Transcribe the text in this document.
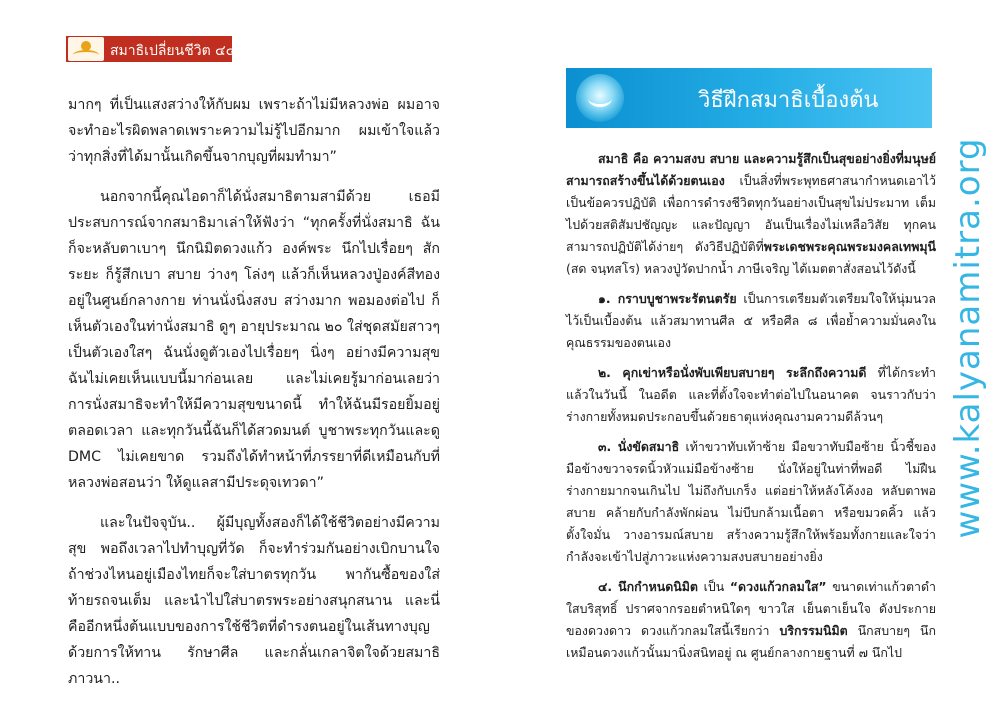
สมาธิเปลี่ยนชีวิต ๔๔

มากๆ ที่เป็นแสงสว่างให้กับผม เพราะถ้าไม่มีหลวงพ่อ ผมอาจจะทำอะไรผิดพลาดเพราะความไม่รู้ไปอีกมาก ผมเข้าใจแล้วว่าทุกสิ่งที่ได้มานั้นเกิดขึ้นจากบุญที่ผมทำมา”

นอกจากนี้คุณไอดาก็ได้นั่งสมาธิตามสามีด้วย เธอมีประสบการณ์จากสมาธิมาเล่าให้ฟังว่า “ทุกครั้งที่นั่งสมาธิ ฉันก็จะหลับตาเบาๆ นึกนิมิตดวงแก้ว องค์พระ นึกไปเรื่อยๆ สักระยะ ก็รู้สึกเบา สบาย ว่างๆ โล่งๆ แล้วก็เห็นหลวงปู่องค์สีทองอยู่ในศูนย์กลางกาย ท่านนั่งนิ่งสงบ สว่างมาก พอมองต่อไป ก็เห็นตัวเองในท่านั่งสมาธิ ดูๆ อายุประมาณ ๒๐ ใส่ชุดสมัยสาวๆ เป็นตัวเองใสๆ ฉันนั่งดูตัวเองไปเรื่อยๆ นิ่งๆ อย่างมีความสุข ฉันไม่เคยเห็นแบบนี้มาก่อนเลย และไม่เคยรู้มาก่อนเลยว่า การนั่งสมาธิจะทำให้มีความสุขขนาดนี้ ทำให้ฉันมีรอยยิ้มอยู่ตลอดเวลา และทุกวันนี้ฉันก็ได้สวดมนต์ บูชาพระทุกวันและดู DMC ไม่เคยขาด รวมถึงได้ทำหน้าที่ภรรยาที่ดีเหมือนกับที่หลวงพ่อสอนว่า ให้ดูแลสามีประดุจเทวดา”

และในปัจจุบัน.. ผู้มีบุญทั้งสองก็ได้ใช้ชีวิตอย่างมีความสุข พอถึงเวลาไปทำบุญที่วัด ก็จะทำร่วมกันอย่างเบิกบานใจ ถ้าช่วงไหนอยู่เมืองไทยก็จะใส่บาตรทุกวัน พากันซื้อของใส่ท้ายรถจนเต็ม และนำไปใส่บาตรพระอย่างสนุกสนาน และนี่คืออีกหนึ่งต้นแบบของการใช้ชีวิตที่ดำรงตนอยู่ในเส้นทางบุญ ด้วยการให้ทาน รักษาศีล และกลั่นเกลาจิตใจด้วยสมาธิภาวนา..

วิธีฝึกสมาธิเบื้องต้น

สมาธิ คือ ความสงบ สบาย และความรู้สึกเป็นสุขอย่างยิ่งที่มนุษย์สามารถสร้างขึ้นได้ด้วยตนเอง เป็นสิ่งที่พระพุทธศาสนากำหนดเอาไว้เป็นข้อควรปฏิบัติ เพื่อการดำรงชีวิตทุกวันอย่างเป็นสุขไม่ประมาท เต็มไปด้วยสติสัมปชัญญะ และปัญญา อันเป็นเรื่องไม่เหลือวิสัย ทุกคนสามารถปฏิบัติได้ง่ายๆ ดังวิธีปฏิบัติที่พระเดชพระคุณพระมงคลเทพมุนี (สด จนฺทสโร) หลวงปู่วัดปากน้ำ ภาษีเจริญ ได้เมตตาสั่งสอนไว้ดังนี้

๑. กราบบูชาพระรัตนตรัย เป็นการเตรียมตัวเตรียมใจให้นุ่มนวล ไว้เป็นเบื้องต้น แล้วสมาทานศีล ๕ หรือศีล ๘ เพื่อย้ำความมั่นคงในคุณธรรมของตนเอง

๒. คุกเข่าหรือนั่งพับเพียบสบายๆ ระลึกถึงความดี ที่ได้กระทำแล้วในวันนี้ ในอดีต และที่ตั้งใจจะทำต่อไปในอนาคต จนราวกับว่าร่างกายทั้งหมดประกอบขึ้นด้วยธาตุแห่งคุณงามความดีล้วนๆ

๓. นั่งขัดสมาธิ เท้าขวาทับเท้าซ้าย มือขวาทับมือซ้าย นิ้วชี้ของมือข้างขวาจรดนิ้วหัวแม่มือข้างซ้าย นั่งให้อยู่ในท่าที่พอดี ไม่ฝืนร่างกายมากจนเกินไป ไม่ถึงกับเกร็ง แต่อย่าให้หลังโค้งงอ หลับตาพอสบาย คล้ายกับกำลังพักผ่อน ไม่บีบกล้ามเนื้อตา หรือขมวดคิ้ว แล้วตั้งใจมั่น วางอารมณ์สบาย สร้างความรู้สึกให้พร้อมทั้งกายและใจว่ากำลังจะเข้าไปสู่ภาวะแห่งความสงบสบายอย่างยิ่ง

๔. นึกกำหนดนิมิต เป็น “ดวงแก้วกลมใส” ขนาดเท่าแก้วตาดำ ใสบริสุทธิ์ ปราศจากรอยตำหนิใดๆ ขาวใส เย็นตาเย็นใจ ดังประกายของดวงดาว ดวงแก้วกลมใสนี้เรียกว่า บริกรรมนิมิต นึกสบายๆ นึกเหมือนดวงแก้วนั้นมานิ่งสนิทอยู่ ณ ศูนย์กลางกายฐานที่ ๗ นึกไป

www.kalyanamitra.org
